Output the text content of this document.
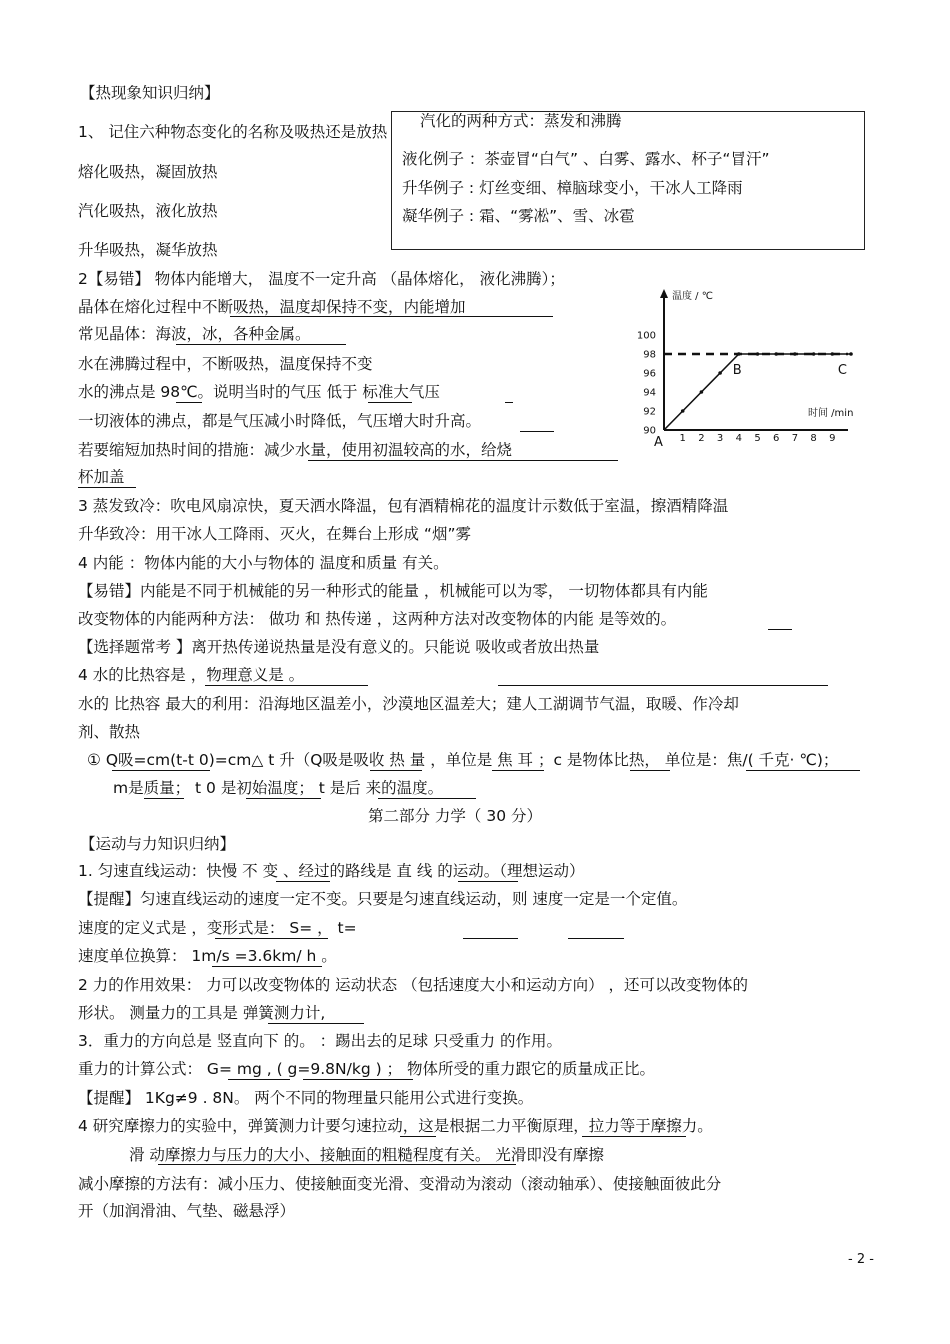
汽化的两种方式：蒸发和沸腾
液化例子 ：茶壶冒“白气” 、白雾、露水、杯子“冒汗”
升华例子 : 灯丝变细、樟脑球变小，干冰人工降雨
凝华例子 : 霜、“雾凇”、雪、冰雹
温度 / ℃
时间 /min
90
92
94
96
98
100
1 2 3 4 5 6 7 8 9
A
B	C
- 2 -
【热现象知识归纳】
1、 记住六种物态变化的名称及吸热还是放热
熔化吸热，凝固放热
汽化吸热，液化放热
升华吸热，凝华放热
2【易错】 物体内能增大， 温度不一定升高 （晶体熔化， 液化沸腾）；
晶体在熔化过程中不断吸热，温度却保持不变，内能增加
常见晶体：海波，冰，各种金属。
水在沸腾过程中，不断吸热，温度保持不变
水的沸点是 98℃。说明当时的气压 低于 标准大气压
一切液体的沸点，都是气压减小时降低，气压增大时升高。
若要缩短加热时间的措施：减少水量，使用初温较高的水，给烧
杯加盖
3 蒸发致冷：吹电风扇凉快，夏天洒水降温，包有酒精棉花的温度计示数低于室温，擦酒精降温
升华致冷：用干冰人工降雨、灭火，在舞台上形成 “烟”雾
4 内能 ：物体内能的大小与物体的 温度和质量 有关。
【易错】内能是不同于机械能的另一种形式的能量 ，机械能可以为零， 一切物体都具有内能
改变物体的内能两种方法： 做功 和 热传递 ，这两种方法对改变物体的内能 是等效的。
【选择题常考 】离开热传递说热量是没有意义的。只能说 吸收或者放出热量
4 水的比热容是 ，物理意义是 。
水的 比热容 最大的利用：沿海地区温差小，沙漠地区温差大；建人工湖调节气温，取暖、作冷却
剂、散热
① Q吸=cm(t-t 0)=cm△ t 升（Q吸是吸收 热 量 ，单位是 焦 耳 ；c 是物体比热， 单位是：焦/( 千克· ℃)；
m是质量； t 0 是初始温度； t 是后 来的温度。
第二部分 力学（ 30 分）
【运动与力知识归纳】
1. 匀速直线运动：快慢 不 变 、经过的路线是 直 线 的运动。（理想运动）
【提醒】匀速直线运动的速度一定不变。只要是匀速直线运动，则 速度一定是一个定值。
速度的定义式是 ，变形式是： S= ， t=
速度单位换算： 1m/s =3.6km/ h 。
2 力的作用效果： 力可以改变物体的 运动状态 （包括速度大小和运动方向） ，还可以改变物体的
形状。 测量力的工具是 弹簧测力计,
3．重力的方向总是 竖直向下 的。 ：踢出去的足球 只受重力 的作用。
重力的计算公式： G= mg , ( g=9.8N/kg ) ； 物体所受的重力跟它的质量成正比。
【提醒】 1Kg≠9 . 8N。 两个不同的物理量只能用公式进行变换。
4 研究摩擦力的实验中，弹簧测力计要匀速拉动，这是根据二力平衡原理，拉力等于摩擦力。
滑 动摩擦力与压力的大小、接触面的粗糙程度有关。 光滑即没有摩擦
减小摩擦的方法有：减小压力、使接触面变光滑、变滑动为滚动（滚动轴承）、使接触面彼此分
开（加润滑油、气垫、磁悬浮）
